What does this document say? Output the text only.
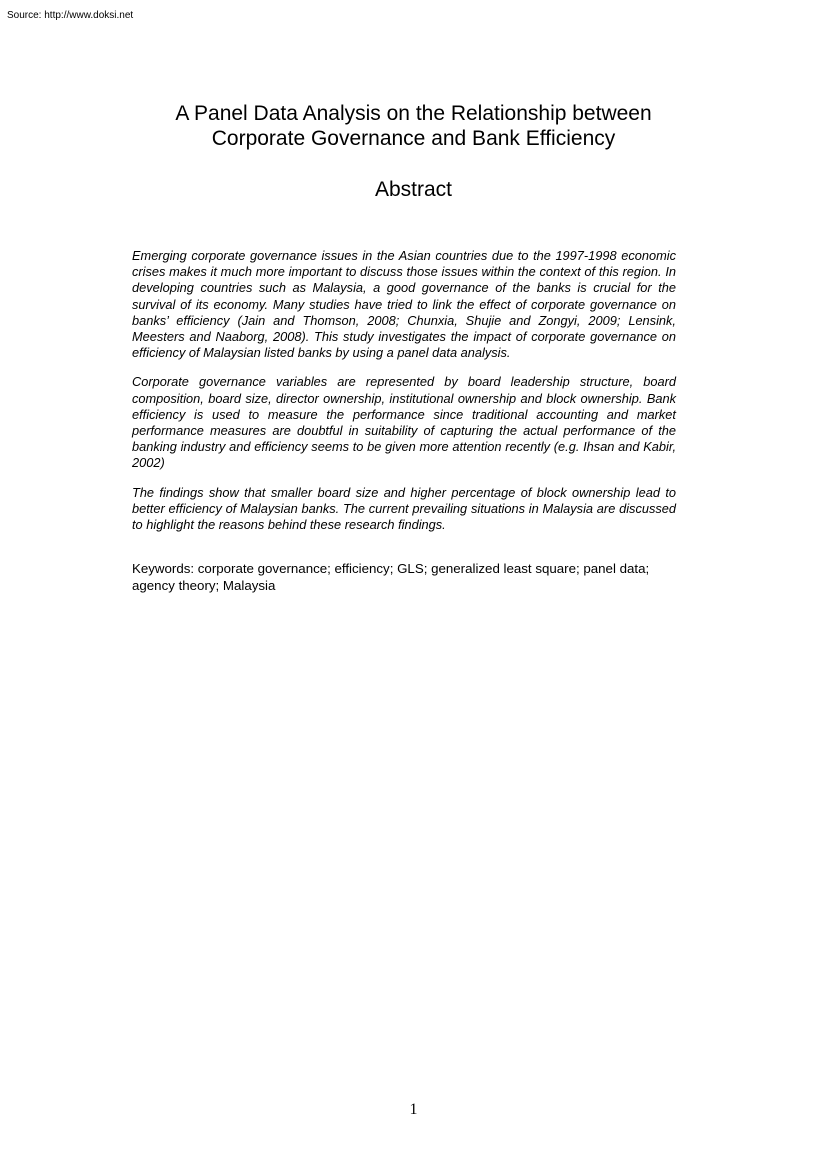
Source: http://www.doksi.net
A Panel Data Analysis on the Relationship between
Corporate Governance and Bank Efficiency
Abstract

Emerging corporate governance issues in the Asian countries due to the 1997-1998 economic crises makes it much more important to discuss those issues within the context of this region. In developing countries such as Malaysia, a good governance of the banks is crucial for the survival of its economy. Many studies have tried to link the effect of corporate governance on banks’ efficiency (Jain and Thomson, 2008; Chunxia, Shujie and Zongyi, 2009; Lensink, Meesters and Naaborg, 2008). This study investigates the impact of corporate governance on efficiency of Malaysian listed banks by using a panel data analysis.

Corporate governance variables are represented by board leadership structure, board composition, board size, director ownership, institutional ownership and block ownership. Bank efficiency is used to measure the performance since traditional accounting and market performance measures are doubtful in suitability of capturing the actual performance of the banking industry and efficiency seems to be given more attention recently (e.g. Ihsan and Kabir, 2002)

The findings show that smaller board size and higher percentage of block ownership lead to better efficiency of Malaysian banks. The current prevailing situations in Malaysia are discussed to highlight the reasons behind these research findings.

Keywords: corporate governance; efficiency; GLS; generalized least square; panel data; agency theory; Malaysia

1
